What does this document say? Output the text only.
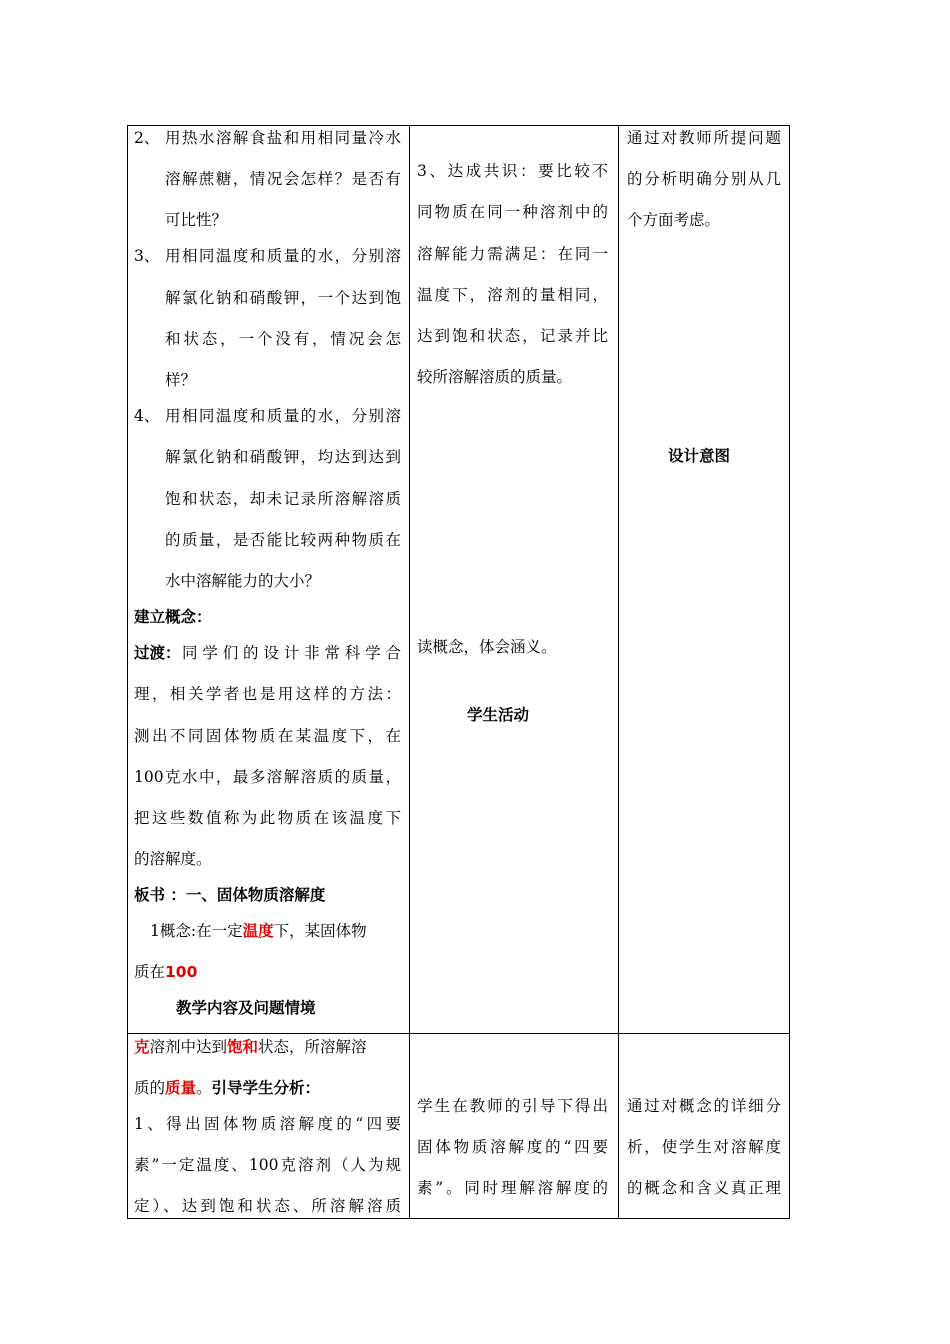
2、 用热水溶解食盐和用相同量冷水
溶解蔗糖，情况会怎样？是否有
可比性？
3、 用相同温度和质量的水，分别溶
解氯化钠和硝酸钾，一个达到饱
和状态，一个没有，情况会怎
样？
4、 用相同温度和质量的水，分别溶
解氯化钠和硝酸钾，均达到达到
饱和状态，却未记录所溶解溶质
的质量，是否能比较两种物质在
水中溶解能力的大小？
建立概念：
过渡： 同学们的设计非常科学合
理，相关学者也是用这样的方法：
测出不同固体物质在某温度下，在
100克水中，最多溶解溶质的质量，
把这些数值称为此物质在该温度下
的溶解度。
板书 ：一、固体物质溶解度
1概念:在一定温度下，某固体物
质在100
教学内容及问题情境
3、达成共识：要比较不
同物质在同一种溶剂中的
溶解能力需满足：在同一
温度下，溶剂的量相同，
达到饱和状态，记录并比
较所溶解溶质的质量。
读概念，体会涵义。
学生活动
通过对教师所提问题
的分析明确分别从几
个方面考虑。
设计意图
克溶剂中达到饱和状态，所溶解溶
质的质量。引导学生分析：
1、得出固体物质溶解度的“四要
素”一定温度、100克溶剂（人为规
定）、达到饱和状态、所溶解溶质
学生在教师的引导下得出
固体物质溶解度的“四要
素”。同时理解溶解度的
通过对概念的详细分
析，使学生对溶解度
的概念和含义真正理
